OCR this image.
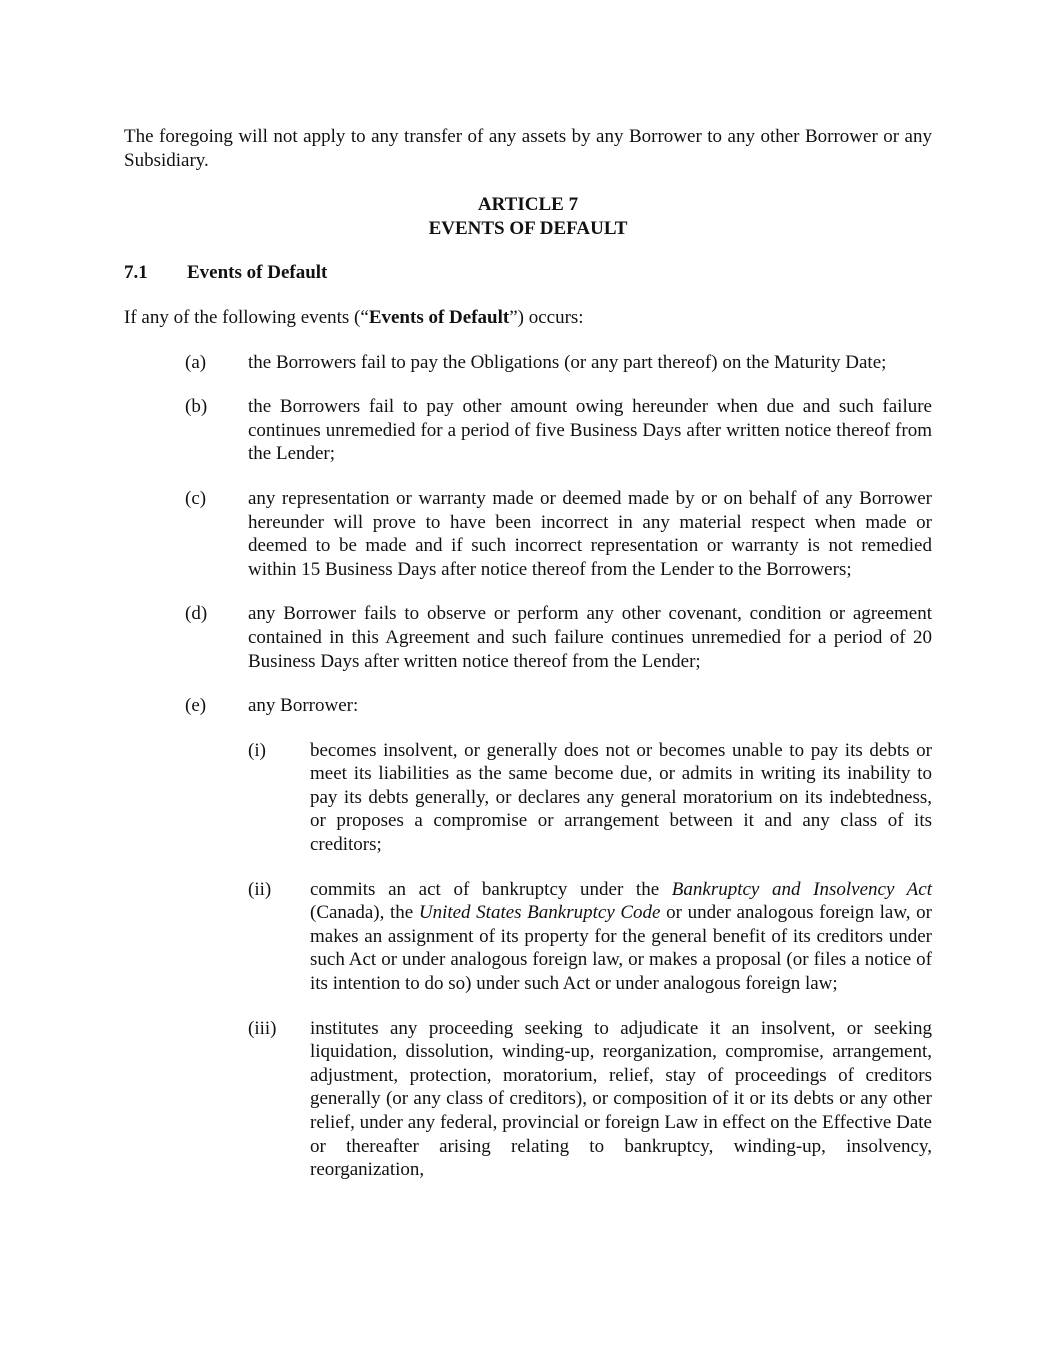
The foregoing will not apply to any transfer of any assets by any Borrower to any other Borrower or any Subsidiary.

ARTICLE 7
EVENTS OF DEFAULT
7.1	Events of Default

If any of the following events (“Events of Default”) occurs:

(a)	the Borrowers fail to pay the Obligations (or any part thereof) on the Maturity Date;
(b)	the Borrowers fail to pay other amount owing hereunder when due and such failure continues unremedied for a period of five Business Days after written notice thereof from the Lender;
(c)	any representation or warranty made or deemed made by or on behalf of any Borrower hereunder will prove to have been incorrect in any material respect when made or deemed to be made and if such incorrect representation or warranty is not remedied within 15 Business Days after notice thereof from the Lender to the Borrowers;
(d)	any Borrower fails to observe or perform any other covenant, condition or agreement contained in this Agreement and such failure continues unremedied for a period of 20 Business Days after written notice thereof from the Lender;
(e)	any Borrower:
(i)	becomes insolvent, or generally does not or becomes unable to pay its debts or meet its liabilities as the same become due, or admits in writing its inability to pay its debts generally, or declares any general moratorium on its indebtedness, or proposes a compromise or arrangement between it and any class of its creditors;
(ii)	commits an act of bankruptcy under the Bankruptcy and Insolvency Act (Canada), the United States Bankruptcy Code or under analogous foreign law, or makes an assignment of its property for the general benefit of its creditors under such Act or under analogous foreign law, or makes a proposal (or files a notice of its intention to do so) under such Act or under analogous foreign law;
(iii)	institutes any proceeding seeking to adjudicate it an insolvent, or seeking liquidation, dissolution, winding-up, reorganization, compromise, arrangement, adjustment, protection, moratorium, relief, stay of proceedings of creditors generally (or any class of creditors), or composition of it or its debts or any other relief, under any federal, provincial or foreign Law in effect on the Effective Date or thereafter arising relating to bankruptcy, winding-up, insolvency, reorganization,
